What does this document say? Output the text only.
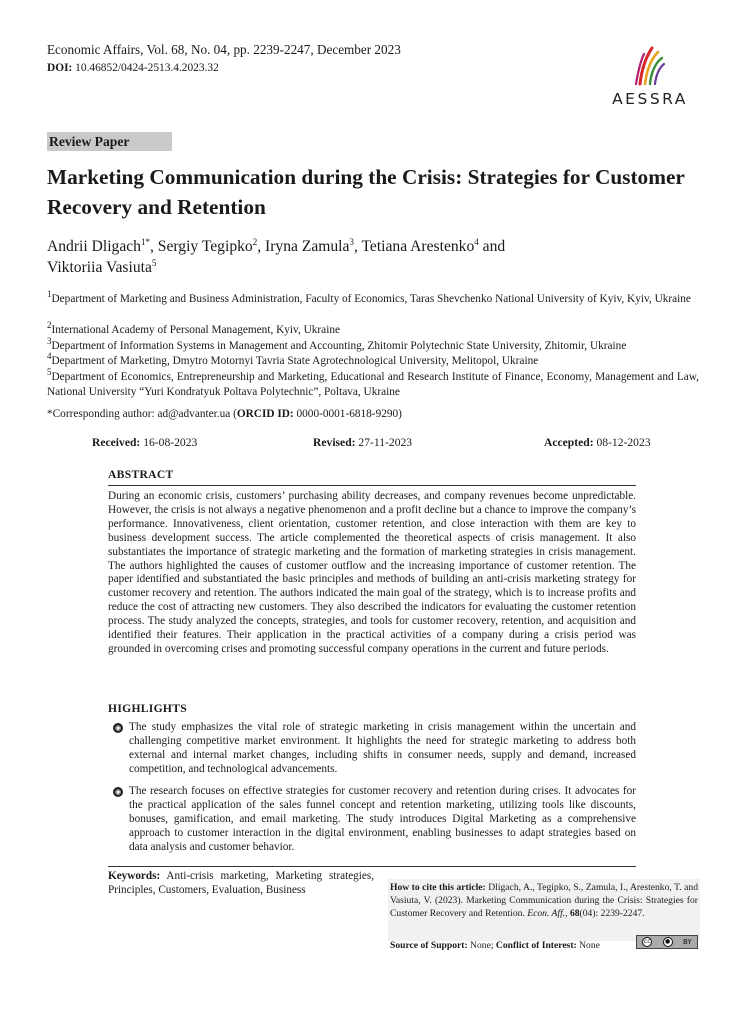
Economic Affairs, Vol. 68, No. 04, pp. 2239-2247, December 2023
DOI: 10.46852/0424-2513.4.2023.32
AESSRA
Review Paper
Marketing Communication during the Crisis: Strategies for Customer Recovery and Retention
Andrii Dligach$^{1*}$, Sergiy Tegipko$^2$, Iryna Zamula$^3$, Tetiana Arestenko$^4$ and
Viktoriia Vasiuta$^5$
$^1$Department of Marketing and Business Administration, Faculty of Economics, Taras Shevchenko National University of Kyiv, Kyiv, Ukraine
$^2$International Academy of Personal Management, Kyiv, Ukraine
$^3$Department of Information Systems in Management and Accounting, Zhitomir Polytechnic State University, Zhitomir, Ukraine
$^4$Department of Marketing, Dmytro Motornyi Tavria State Agrotechnological University, Melitopol, Ukraine
$^5$Department of Economics, Entrepreneurship and Marketing, Educational and Research Institute of Finance, Economy, Management and Law, National University “Yuri Kondratyuk Poltava Polytechnic”, Poltava, Ukraine
*Corresponding author: ad@advanter.ua (ORCID ID: 0000-0001-6818-9290)
Received: 16-08-2023	Revised: 27-11-2023	Accepted: 08-12-2023
ABSTRACT
During an economic crisis, customers’ purchasing ability decreases, and company revenues become unpredictable. However, the crisis is not always a negative phenomenon and a profit decline but a chance to improve the company’s performance. Innovativeness, client orientation, customer retention, and close interaction with them are key to business development success. The article complemented the theoretical aspects of crisis management. It also substantiates the importance of strategic marketing and the formation of marketing strategies in crisis management. The authors highlighted the causes of customer outflow and the increasing importance of customer retention. The paper identified and substantiated the basic principles and methods of building an anti-crisis marketing strategy for customer recovery and retention. The authors indicated the main goal of the strategy, which is to increase profits and reduce the cost of attracting new customers. They also described the indicators for evaluating the customer retention process. The study analyzed the concepts, strategies, and tools for customer recovery, retention, and acquisition and identified their features. Their application in the practical activities of a company during a crisis period was grounded in overcoming crises and promoting successful company operations in the current and future periods.
HIGHLIGHTS
◉ The study emphasizes the vital role of strategic marketing in crisis management within the uncertain and challenging competitive market environment. It highlights the need for strategic marketing to address both external and internal market changes, including shifts in consumer needs, supply and demand, increased competition, and technological advancements.
◉ The research focuses on effective strategies for customer recovery and retention during crises. It advocates for the practical application of the sales funnel concept and retention marketing, utilizing tools like discounts, bonuses, gamification, and email marketing. The study introduces Digital Marketing as a comprehensive approach to customer interaction in the digital environment, enabling businesses to adapt strategies based on data analysis and customer behavior.
Keywords: Anti-crisis marketing, Marketing strategies, Principles, Customers, Evaluation, Business	How to cite this article: Dligach, A., Tegipko, S., Zamula, I., Arestenko, T. and Vasiuta, V. (2023). Marketing Communication during the Crisis: Strategies for Customer Recovery and Retention. Econ. Aff., 68(04): 2239-2247.
Source of Support: None; Conflict of Interest: None	cc	●	BY
